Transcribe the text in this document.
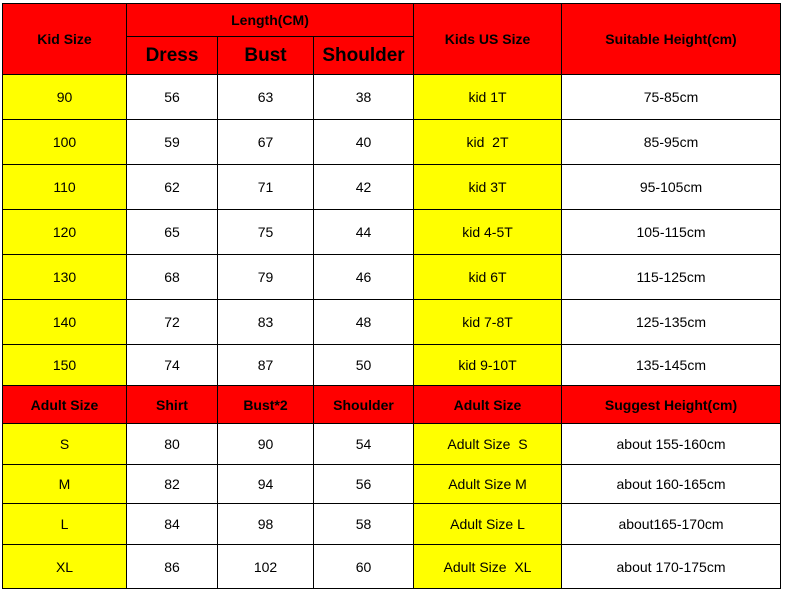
Kid Size	Length(CM)			Kids US Size	Suitable Height(cm)
	Dress	Bust	Shoulder		
90	56	63	38	kid 1T	75-85cm
100	59	67	40	kid  2T	85-95cm
110	62	71	42	kid 3T	95-105cm
120	65	75	44	kid 4-5T	105-115cm
130	68	79	46	kid 6T	115-125cm
140	72	83	48	kid 7-8T	125-135cm
150	74	87	50	kid 9-10T	135-145cm
Adult Size	Shirt	Bust*2	Shoulder	Adult Size	Suggest Height(cm)
S	80	90	54	Adult Size  S	about 155-160cm
M	82	94	56	Adult Size M	about 160-165cm
L	84	98	58	Adult Size L	about165-170cm
XL	86	102	60	Adult Size  XL	about 170-175cm
